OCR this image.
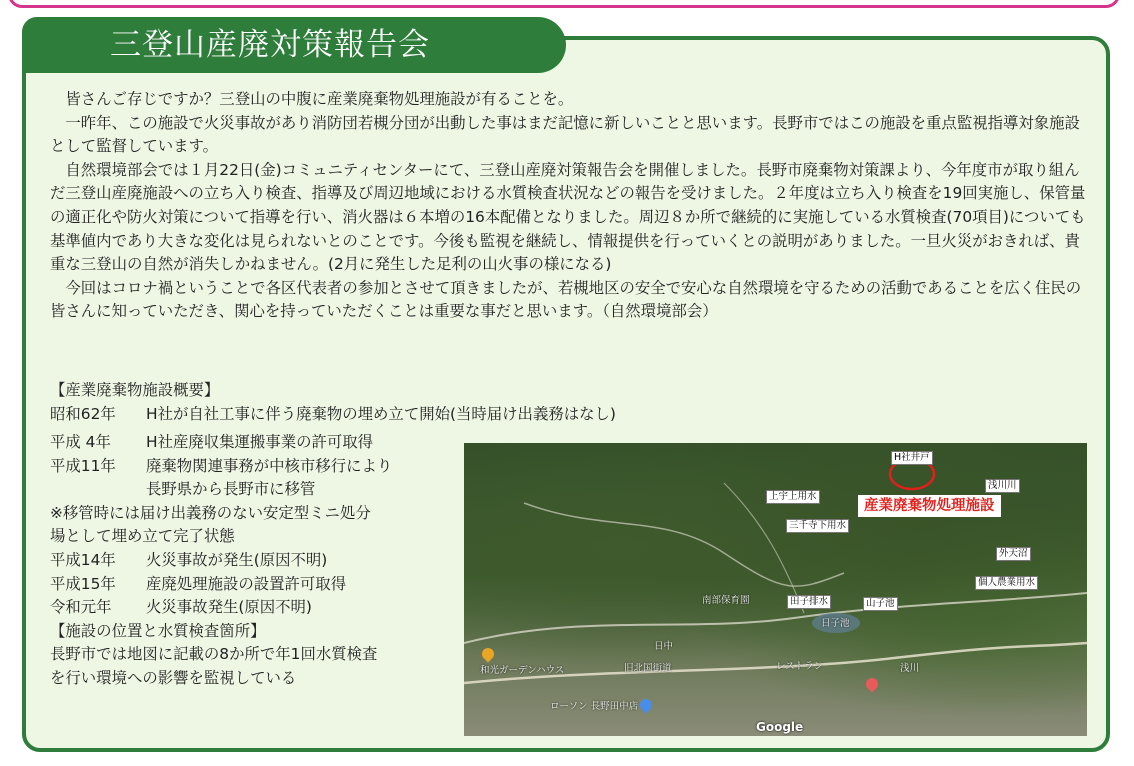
三登山産廃対策報告会

皆さんご存じですか？三登山の中腹に産業廃棄物処理施設が有ることを。

一昨年、この施設で火災事故があり消防団若槻分団が出動した事はまだ記憶に新しいことと思います。長野市ではこの施設を重点監視指導対象施設として監督しています。

自然環境部会では１月22日(金)コミュニティセンターにて、三登山産廃対策報告会を開催しました。長野市廃棄物対策課より、今年度市が取り組んだ三登山産廃施設への立ち入り検査、指導及び周辺地域における水質検査状況などの報告を受けました。２年度は立ち入り検査を19回実施し、保管量の適正化や防火対策について指導を行い、消火器は６本増の16本配備となりました。周辺８か所で継続的に実施している水質検査(70項目)についても基準値内であり大きな変化は見られないとのことです。今後も監視を継続し、情報提供を行っていくとの説明がありました。一旦火災がおきれば、貴重な三登山の自然が消失しかねません。(2月に発生した足利の山火事の様になる)

今回はコロナ禍ということで各区代表者の参加とさせて頂きましたが、若槻地区の安全で安心な自然環境を守るための活動であることを広く住民の皆さんに知っていただき、関心を持っていただくことは重要な事だと思います。（自然環境部会）

【産業廃棄物施設概要】
昭和62年	H社が自社工事に伴う廃棄物の埋め立て開始(当時届け出義務はなし)
平成 4年	H社産廃収集運搬事業の許可取得
平成11年	廃棄物関連事務が中核市移行により
長野県から長野市に移管
※移管時には届け出義務のない安定型ミニ処分
場として埋め立て完了状態
平成14年	火災事故が発生(原因不明)
平成15年	産廃処理施設の設置許可取得
令和元年	火災事故発生(原因不明)
【施設の位置と水質検査箇所】
長野市では地図に記載の8か所で年1回水質検査
を行い環境への影響を監視している
H社井戸
浅川川
上宇上用水
三千寺下用水
外天沼
個人農業用水
田子排水	山子池
日子池
産業廃棄物処理施設
南部保育園
レストラン
ローソン 長野田中店
和光ガーデンハウス
日中
浅川
旧北国街道
Google
